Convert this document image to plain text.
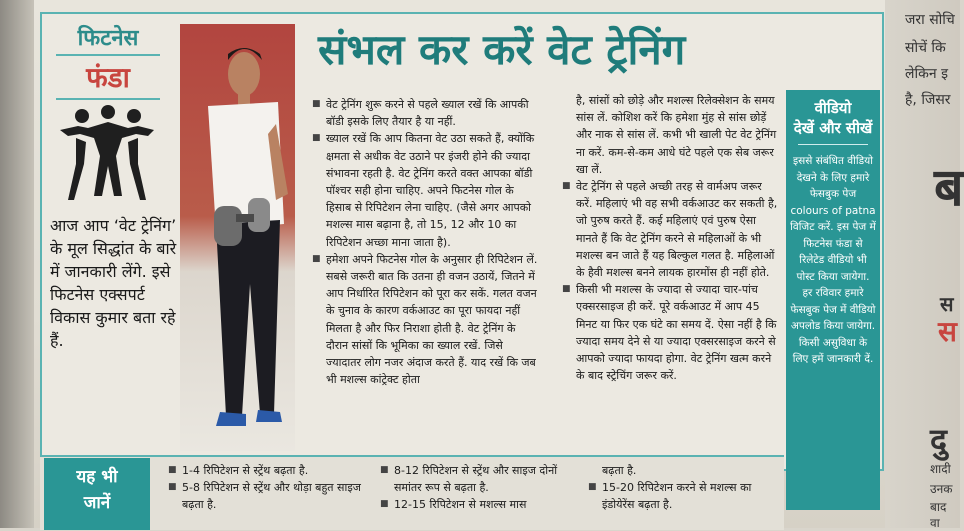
फिटनेस
फंडा
आज आप ‘वेट ट्रेनिंग’ के मूल सिद्धांत के बारे में जानकारी लेंगे. इसे फिटनेस एक्सपर्ट विकास कुमार बता रहे हैं.
संभल कर करें वेट ट्रेनिंग

■ वेट ट्रेनिंग शुरू करने से पहले ख्याल रखें कि आपकी बॉडी इसके लिए तैयार है या नहीं.

■ ख्याल रखें कि आप कितना वेट उठा सकते हैं, क्योंकि क्षमता से अधीक वेट उठाने पर इंजरी होने की ज्यादा संभावना रहती है. वेट ट्रेनिंग करते वक्त आपका बॉडी पॉश्चर सही होना चाहिए. अपने फिटनेस गोल के हिसाब से रिपिटेशन लेना चाहिए. (जैसे अगर आपको मशल्स मास बढ़ाना है, तो 15, 12 और 10 का रिपिटेशन अच्छा माना जाता है).

■ हमेशा अपने फिटनेस गोल के अनुसार ही रिपिटेशन लें. सबसे जरूरी बात कि उतना ही वजन उठायें, जितने में आप निर्धारित रिपिटेशन को पूरा कर सकें. गलत वजन के चुनाव के कारण वर्कआउट का पूरा फायदा नहीं मिलता है और फिर निराशा होती है. वेट ट्रेनिंग के दौरान सांसों कि भूमिका का ख्याल रखें. जिसे ज्यादातर लोग नजर अंदाज करते हैं. याद रखें कि जब भी मशल्स कांट्रेक्ट होता

है, सांसों को छोड़े और मशल्स रिलेक्सेशन के समय सांस लें. कोशिश करें कि हमेशा मुंह से सांस छोड़ें और नाक से सांस लें. कभी भी खाली पेट वेट ट्रेनिंग ना करें. कम-से-कम आधे घंटे पहले एक सेब जरूर खा लें.

■ वेट ट्रेनिंग से पहले अच्छी तरह से वार्मअप जरूर करें. महिलाएं भी वह सभी वर्कआउट कर सकती है, जो पुरुष करते हैं. कई महिलाएं एवं पुरुष ऐसा मानते हैं कि वेट ट्रेनिंग करने से महिलाओं के भी मशल्स बन जाते हैं यह बिल्कुल गलत है. महिलाओं के हैवी मशल्स बनने लायक हारमोंस ही नहीं होते.

■ किसी भी मशल्स के ज्यादा से ज्यादा चार-पांच एक्सरसाइज ही करें. पूरे वर्कआउट में आप 45 मिनट या फिर एक घंटे का समय दें. ऐसा नहीं है कि ज्यादा समय देने से या ज्यादा एक्सरसाइज करने से आपको ज्यादा फायदा होगा. वेट ट्रेनिंग खत्म करने के बाद स्ट्रेचिंग जरूर करें.

वीडियो
देखें और सीखें
इससे संबंधित वीडियो देखने के लिए हमारे फेसबुक पेज colours of patna विजिट करें. इस पेज में फिटनेस फंडा से रिलेटेड वीडियो भी पोस्ट किया जायेगा. हर रविवार हमारे फेसबुक पेज में वीडियो अपलोड किया जायेगा. किसी असुविधा के लिए हमें जानकारी दें.
यह भी
जानें

■ 1-4 रिपिटेशन से स्ट्रेंथ बढ़ता है.

■ 5-8 रिपिटेशन से स्ट्रेंथ और थोड़ा बहुत साइज बढ़ता है.

■ 8-12 रिपिटेशन से स्ट्रेंथ और साइज दोनों समांतर रूप से बढ़ता है.

■ 12-15 रिपिटेशन से मशल्स मास

बढ़ता है.

■ 15-20 रिपिटेशन करने से मशल्स का इंडोयेरेंस बढ़ता है.

जरा सोचि
सोचें कि
लेकिन इ
है, जिसर
ब
स
स
दु
शादी
उनक
बाद
वा
